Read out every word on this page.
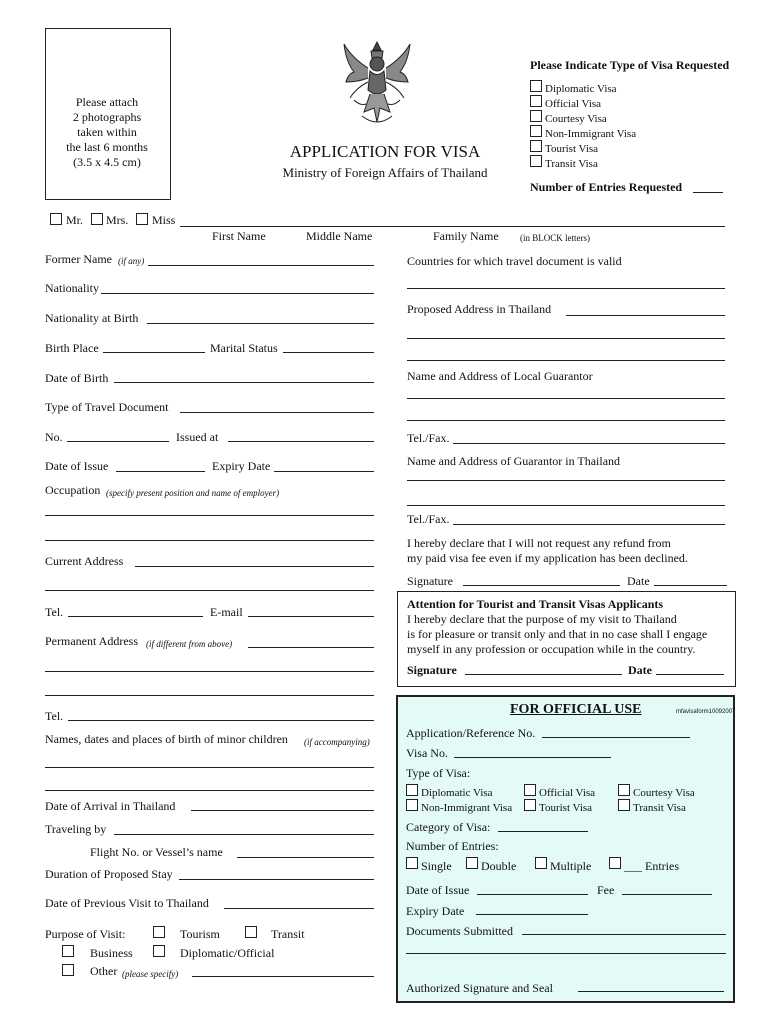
Please attach
2 photographs
taken within
the last 6 months
(3.5 x 4.5 cm)
APPLICATION FOR VISA
Ministry of Foreign Affairs of Thailand
Please Indicate Type of Visa Requested
Diplomatic Visa
Official Visa
Courtesy Visa
Non-Immigrant Visa
Tourist Visa
Transit Visa
Number of Entries Requested
Mr. Mrs. Miss
First Name	Middle Name	Family Name (in BLOCK letters)
Former Name (if any)
Nationality
Nationality at Birth
Birth Place	Marital Status
Date of Birth
Type of Travel Document
No.	Issued at
Date of Issue	Expiry Date
Occupation (specify present position and name of employer)
Current Address
Tel.	E-mail
Permanent Address (if different from above)
Tel.
Names, dates and places of birth of minor children (if accompanying)
Date of Arrival in Thailand
Traveling by
Flight No. or Vessel’s name
Duration of Proposed Stay
Date of Previous Visit to Thailand
Purpose of Visit:	Tourism	Transit
Business	Diplomatic/Official
Other (please specify)
Countries for which travel document is valid
Proposed Address in Thailand
Name and Address of Local Guarantor
Tel./Fax.
Name and Address of Guarantor in Thailand
Tel./Fax.
I hereby declare that I will not request any refund from
my paid visa fee even if my application has been declined.
Signature	Date
Attention for Tourist and Transit Visas Applicants
I hereby declare that the purpose of my visit to Thailand
is for pleasure or transit only and that in no case shall I engage
myself in any profession or occupation while in the country.
Signature	Date
FOR OFFICIAL USE	mfavisaform10092007
Application/Reference No.
Visa No.
Type of Visa:
Diplomatic Visa	Official Visa	Courtesy Visa
Non-Immigrant Visa Tourist Visa	Transit Visa
Category of Visa:
Number of Entries:
Single Double	Multiple	___ Entries
Date of Issue	Fee
Expiry Date
Documents Submitted
Authorized Signature and Seal
